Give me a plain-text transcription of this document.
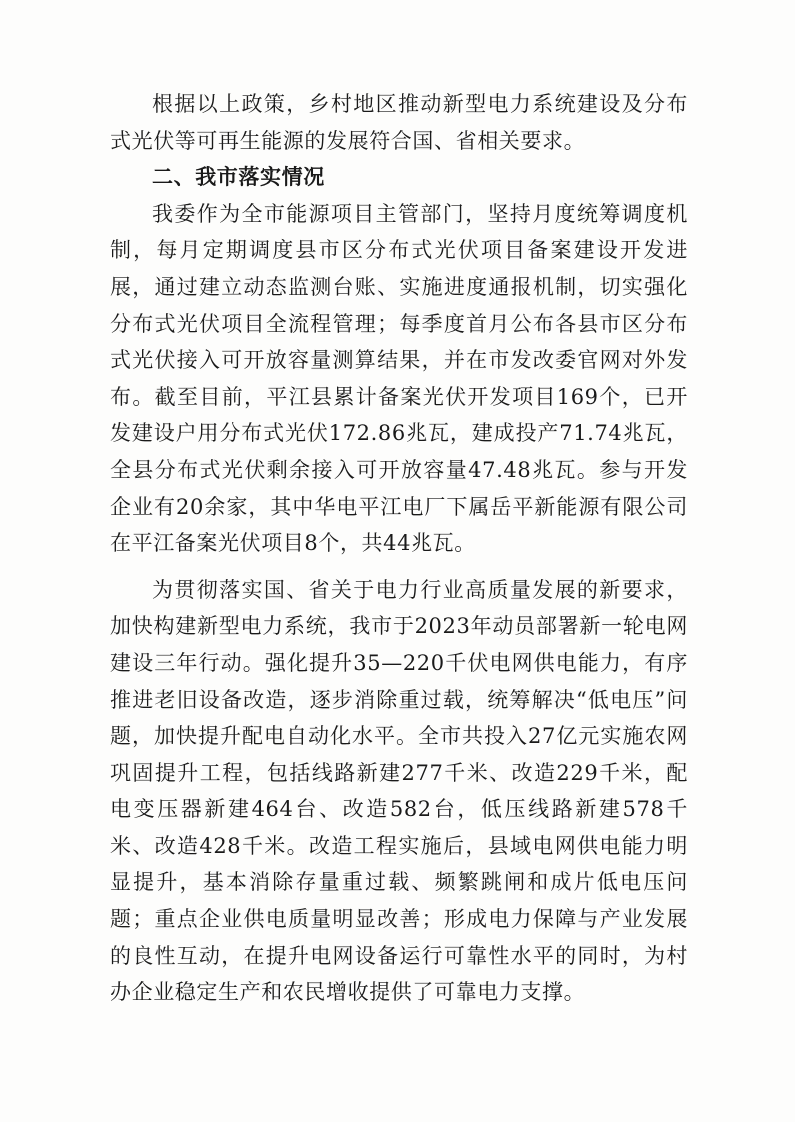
根据以上政策，乡村地区推动新型电力系统建设及分布式光伏等可再生能源的发展符合国、省相关要求。

二、我市落实情况

我委作为全市能源项目主管部门，坚持月度统筹调度机制，每月定期调度县市区分布式光伏项目备案建设开发进展，通过建立动态监测台账、实施进度通报机制，切实强化分布式光伏项目全流程管理；每季度首月公布各县市区分布式光伏接入可开放容量测算结果，并在市发改委官网对外发布。截至目前，平江县累计备案光伏开发项目169个，已开发建设户用分布式光伏172.86兆瓦，建成投产71.74兆瓦，全县分布式光伏剩余接入可开放容量47.48兆瓦。参与开发企业有20余家，其中华电平江电厂下属岳平新能源有限公司在平江备案光伏项目8个，共44兆瓦。

为贯彻落实国、省关于电力行业高质量发展的新要求，加快构建新型电力系统，我市于2023年动员部署新一轮电网建设三年行动。强化提升35—220千伏电网供电能力，有序推进老旧设备改造，逐步消除重过载，统筹解决“低电压”问题，加快提升配电自动化水平。全市共投入27亿元实施农网巩固提升工程，包括线路新建277千米、改造229千米，配电变压器新建464台、改造582台，低压线路新建578千米、改造428千米。改造工程实施后，县域电网供电能力明显提升，基本消除存量重过载、频繁跳闸和成片低电压问题；重点企业供电质量明显改善；形成电力保障与产业发展的良性互动，在提升电网设备运行可靠性水平的同时，为村办企业稳定生产和农民增收提供了可靠电力支撑。
